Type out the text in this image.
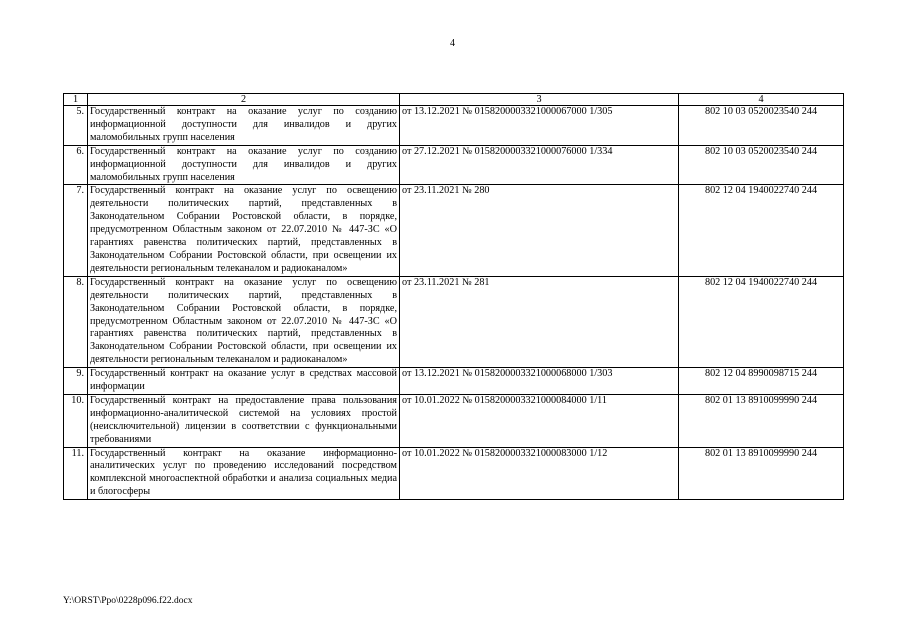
4
1	2	3	4
5.	Государственный контракт на оказание услуг по созданию информационной доступности для инвалидов и других маломобильных групп населения	от 13.12.2021 № 0158200003321000067000 1/305	802 10 03 0520023540 244
6.	Государственный контракт на оказание услуг по созданию информационной доступности для инвалидов и других маломобильных групп населения	от 27.12.2021 № 0158200003321000076000 1/334	802 10 03 0520023540 244
7.	Государственный контракт на оказание услуг по освещению деятельности политических партий, представленных в Законодательном Собрании Ростовской области, в порядке, предусмотренном Областным законом от 22.07.2010 № 447-ЗС «О гарантиях равенства политических партий, представленных в Законодательном Собрании Ростовской области, при освещении их деятельности региональным телеканалом и радиоканалом»	от 23.11.2021 № 280	802 12 04 1940022740 244
8.	Государственный контракт на оказание услуг по освещению деятельности политических партий, представленных в Законодательном Собрании Ростовской области, в порядке, предусмотренном Областным законом от 22.07.2010 № 447-ЗС «О гарантиях равенства политических партий, представленных в Законодательном Собрании Ростовской области, при освещении их деятельности региональным телеканалом и радиоканалом»	от 23.11.2021 № 281	802 12 04 1940022740 244
9.	Государственный контракт на оказание услуг в средствах массовой информации	от 13.12.2021 № 0158200003321000068000 1/303	802 12 04 8990098715 244
10.	Государственный контракт на предоставление права пользования информационно-аналитической системой на условиях простой (неисключительной) лицензии в соответствии с функциональными требованиями	от 10.01.2022 № 0158200003321000084000 1/11	802 01 13 8910099990 244
11.	Государственный контракт на оказание информационно-аналитических услуг по проведению исследований посредством комплексной многоаспектной обработки и анализа социальных медиа и блогосферы	от 10.01.2022 № 0158200003321000083000 1/12	802 01 13 8910099990 244
Y:\ORST\Ppo\0228p096.f22.docx
